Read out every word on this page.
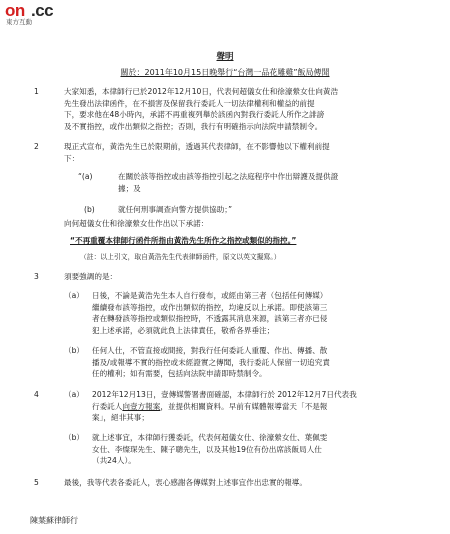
on .cc
東方互動
聲明
關於：2011年10月15日晚舉行“台灣一品花雕雞”飯局傳聞
1	大家知悉，本律師行已於2012年12月10日，代表何超儀女仕和徐濠縈女仕向黃浩
先生發出法律函件，在不損害及保留我行委託人一切法律權利和權益的前提
下，要求他在48小時內，承諾不再重複列舉於該函內對我行委託人所作之誹謗
及不實指控，或作出類似之指控；否則，我行有明確指示向法院申請禁制令。
2	現正式宣布，黃浩先生已於限期前，透過其代表律師，在不影響他以下權利前提
下：
“(a)	在關於該等指控或由該等指控引起之法庭程序中作出辯護及提供證
據；及
(b)	就任何刑事調查向警方提供協助；”
向何超儀女仕和徐濠縈女仕作出以下承諾：
“不再重覆本律師行函件所指由黃浩先生所作之指控或類似的指控。”
（註：以上引文，取自黃浩先生代表律師函件，原文以英文擬寫。）
3	須要強調的是：
（a） 日後，不論是黃浩先生本人自行發布，或經由第三者（包括任何傳媒）
繼續發布該等指控，或作出類似的指控，均違反以上承諾。即使該第三
者在轉發該等指控或類似指控時，不透露其消息來源，該第三者亦已侵
犯上述承諾，必須就此負上法律責任，敬希各界垂注；
（b） 任何人仕，不管直接或間接，對我行任何委託人重覆、作出、傳播、散
播及/或報導不實的指控或未經證實之傳聞，我行委託人保留一切追究責
任的權利；如有需要，包括向法院申請即時禁制令。
4	（a） 2012年12月13日，壹傳媒警署書面確認，本律師行於 2012年12月7日代表我
行委託人向壹方報案，並提供相關資料。早前有媒體報導當天「不是報
案」，絕非其事；
（b） 就上述事宜，本律師行獲委託，代表何超儀女仕、徐濠縈女仕、葉佩雯
女仕、李燦琛先生、陳子聰先生，以及其他19位有份出席該飯局人仕
（共24人）。
5	最後，我等代表各委託人，衷心感謝各傳媒對上述事宜作出忠實的報導。
陳葉蘇律師行
